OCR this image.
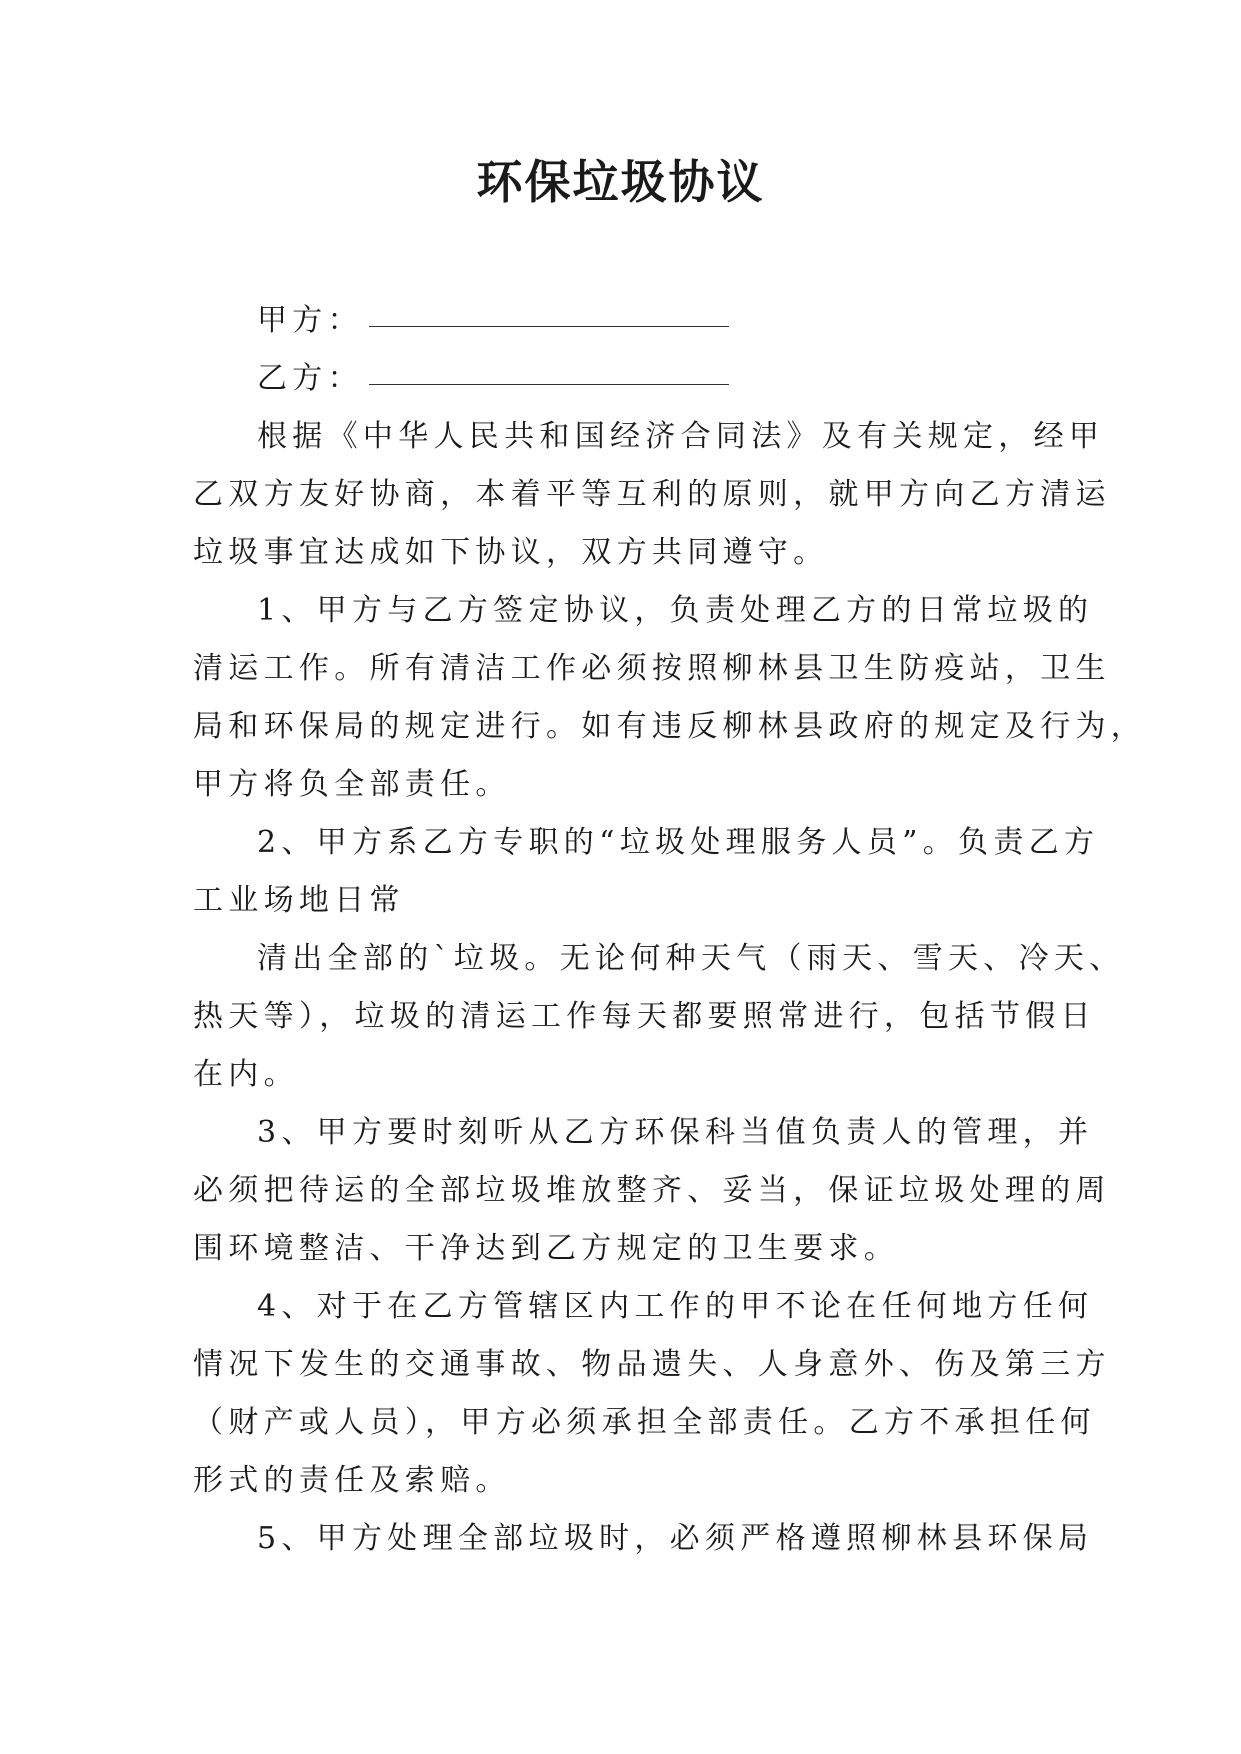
环保垃圾协议
甲方：
乙方：
根据《中华人民共和国经济合同法》及有关规定，经甲
乙双方友好协商，本着平等互利的原则，就甲方向乙方清运
垃圾事宜达成如下协议，双方共同遵守。
1、甲方与乙方签定协议，负责处理乙方的日常垃圾的
清运工作。所有清洁工作必须按照柳林县卫生防疫站，卫生
局和环保局的规定进行。如有违反柳林县政府的规定及行为，
甲方将负全部责任。
2、甲方系乙方专职的“垃圾处理服务人员”。负责乙方
工业场地日常
清出全部的`垃圾。无论何种天气（雨天、雪天、冷天、
热天等），垃圾的清运工作每天都要照常进行，包括节假日
在内。
3、甲方要时刻听从乙方环保科当值负责人的管理，并
必须把待运的全部垃圾堆放整齐、妥当，保证垃圾处理的周
围环境整洁、干净达到乙方规定的卫生要求。
4、对于在乙方管辖区内工作的甲不论在任何地方任何
情况下发生的交通事故、物品遗失、人身意外、伤及第三方
（财产或人员），甲方必须承担全部责任。乙方不承担任何
形式的责任及索赔。
5、甲方处理全部垃圾时，必须严格遵照柳林县环保局
